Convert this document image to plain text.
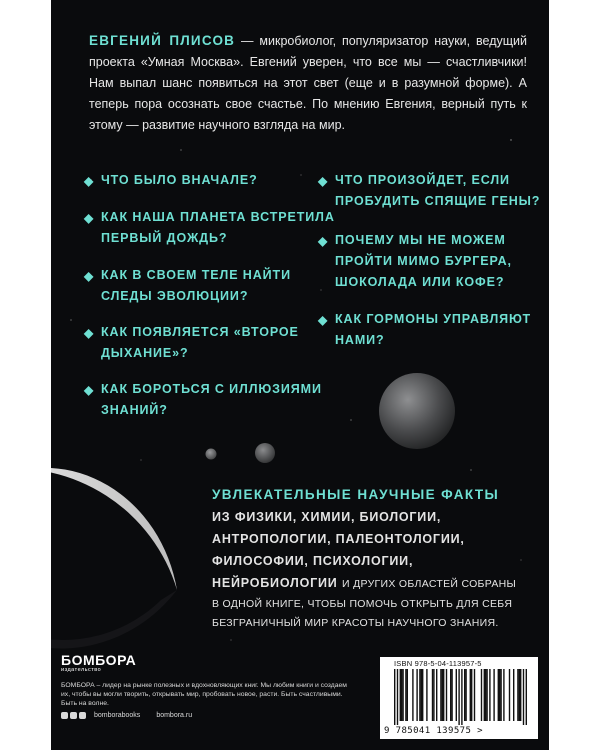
ЕВГЕНИЙ ПЛИСОВ — микробиолог, популяризатор науки, ведущий проекта «Умная Москва». Евгений уверен, что все мы — счастливчики! Нам выпал шанс появиться на этот свет (еще и в разумной форме). А теперь пора осознать свое счастье. По мнению Евгения, верный путь к этому — развитие научного взгляда на мир.
◆ ЧТО БЫЛО ВНАЧАЛЕ?
◆ КАК НАША ПЛАНЕТА ВСТРЕТИЛА
ПЕРВЫЙ ДОЖДЬ?
◆ КАК В СВОЕМ ТЕЛЕ НАЙТИ
СЛЕДЫ ЭВОЛЮЦИИ?
◆ КАК ПОЯВЛЯЕТСЯ «ВТОРОЕ
ДЫХАНИЕ»?
◆ КАК БОРОТЬСЯ С ИЛЛЮЗИЯМИ
ЗНАНИЙ?
◆ ЧТО ПРОИЗОЙДЕТ, ЕСЛИ
ПРОБУДИТЬ СПЯЩИЕ ГЕНЫ?
◆ ПОЧЕМУ МЫ НЕ МОЖЕМ
ПРОЙТИ МИМО БУРГЕРА,
ШОКОЛАДА ИЛИ КОФЕ?
◆ КАК ГОРМОНЫ УПРАВЛЯЮТ
НАМИ?
УВЛЕКАТЕЛЬНЫЕ НАУЧНЫЕ ФАКТЫ
ИЗ ФИЗИКИ, ХИМИИ, БИОЛОГИИ, АНТРОПОЛОГИИ, ПАЛЕОНТОЛОГИИ, ФИЛОСОФИИ, ПСИХОЛОГИИ, НЕЙРОБИОЛОГИИ И ДРУГИХ ОБЛАСТЕЙ СОБРАНЫ В ОДНОЙ КНИГЕ, ЧТОБЫ ПОМОЧЬ ОТКРЫТЬ ДЛЯ СЕБЯ БЕЗГРАНИЧНЫЙ МИР КРАСОТЫ НАУЧНОГО ЗНАНИЯ.
БОМБОРА
издательство
БОМБОРА – лидер на рынке полезных и вдохновляющих книг. Мы любим книги и создаем их, чтобы вы могли творить, открывать мир, пробовать новое, расти. Быть счастливыми. Быть на волне.
bomborabooks bombora.ru
ISBN 978-5-04-113957-5
9 785041 139575 >
